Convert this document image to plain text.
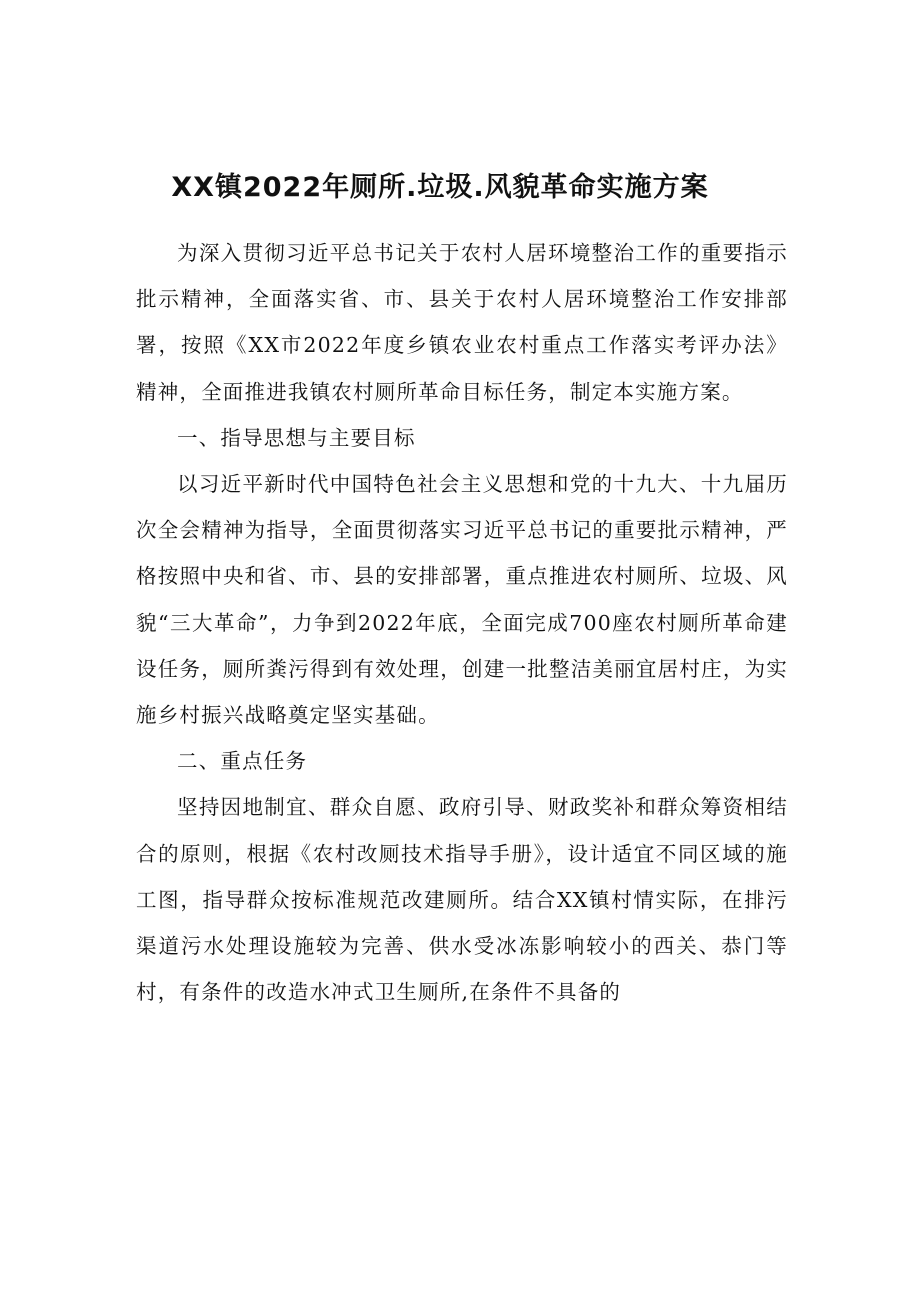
XX镇2022年厕所.垃圾.风貌革命实施方案

为深入贯彻习近平总书记关于农村人居环境整治工作的重要指示批示精神，全面落实省、市、县关于农村人居环境整治工作安排部署，按照《XX市2022年度乡镇农业农村重点工作落实考评办法》精神，全面推进我镇农村厕所革命目标任务，制定本实施方案。

一、指导思想与主要目标

以习近平新时代中国特色社会主义思想和党的十九大、十九届历次全会精神为指导，全面贯彻落实习近平总书记的重要批示精神，严格按照中央和省、市、县的安排部署，重点推进农村厕所、垃圾、风貌“三大革命”，力争到2022年底，全面完成700座农村厕所革命建设任务，厕所粪污得到有效处理，创建一批整洁美丽宜居村庄，为实施乡村振兴战略奠定坚实基础。

二、重点任务

坚持因地制宜、群众自愿、政府引导、财政奖补和群众筹资相结合的原则，根据《农村改厕技术指导手册》，设计适宜不同区域的施工图，指导群众按标准规范改建厕所。结合XX镇村情实际，在排污渠道污水处理设施较为完善、供水受冰冻影响较小的西关、恭门等村，有条件的改造水冲式卫生厕所,在条件不具备的
